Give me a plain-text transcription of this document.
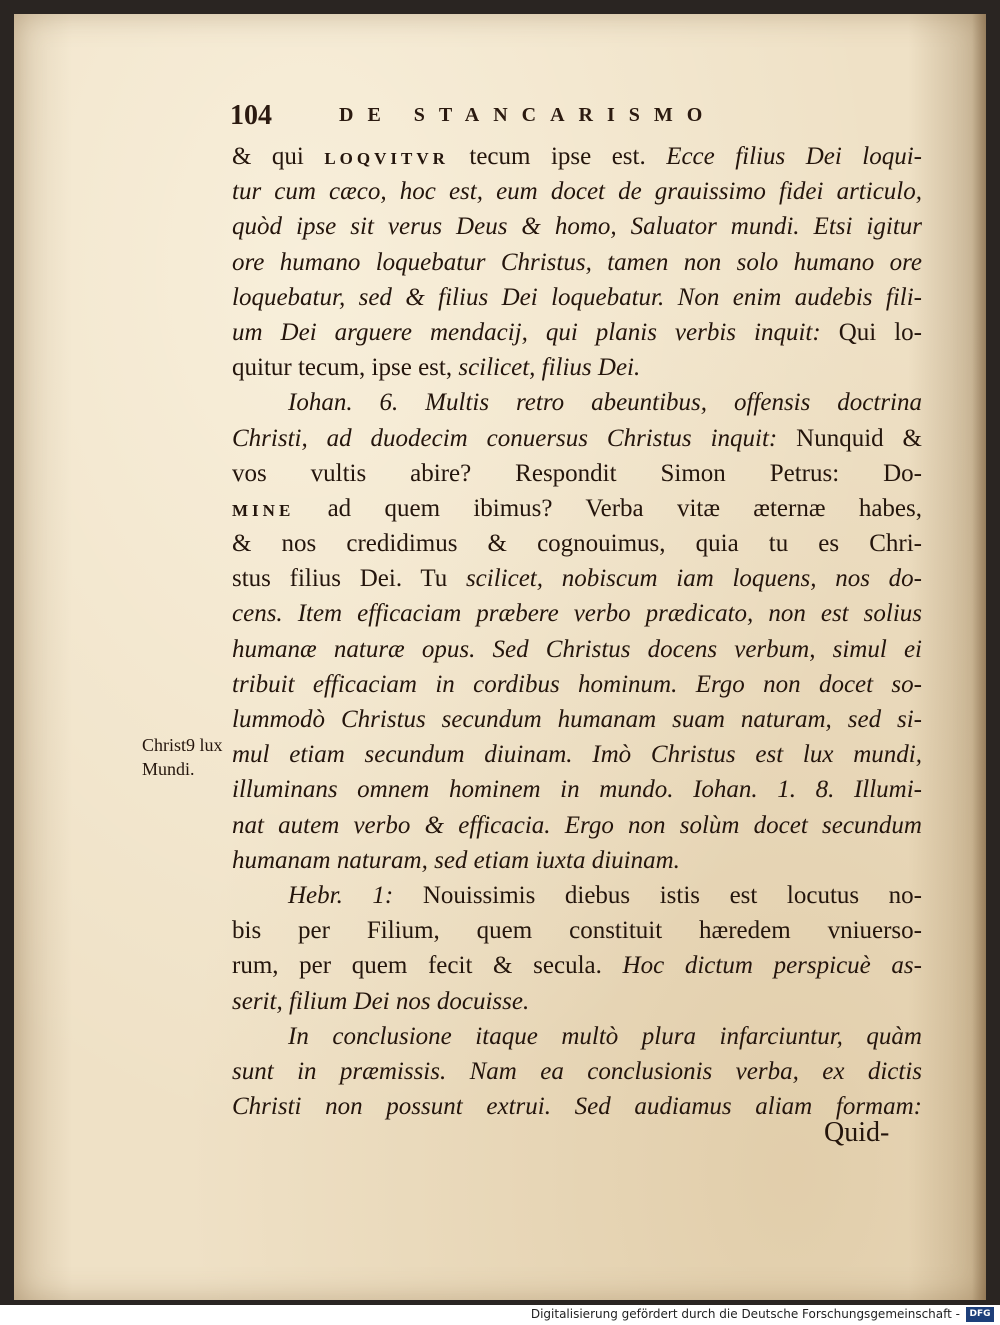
104	DE STANCARISMO
& qui LOQVITVR tecum ipse est. Ecce filius Dei loqui-
tur cum cæco, hoc est, eum docet de grauissimo fidei articulo,
quòd ipse sit verus Deus & homo, Saluator mundi. Etsi igitur
ore humano loquebatur Christus, tamen non solo humano ore
loquebatur, sed & filius Dei loquebatur. Non enim audebis fili-
um Dei arguere mendacij, qui planis verbis inquit: Qui lo-
quitur tecum, ipse est, scilicet, filius Dei.
Iohan. 6. Multis retro abeuntibus, offensis doctrina
Christi, ad duodecim conuersus Christus inquit: Nunquid &
vos vultis abire? Respondit Simon Petrus: Do-
MINE ad quem ibimus? Verba vitæ æternæ habes,
& nos credidimus & cognouimus, quia tu es Chri-
stus filius Dei. Tu scilicet, nobiscum iam loquens, nos do-
cens. Item efficaciam præbere verbo prædicato, non est solius
humanæ naturæ opus. Sed Christus docens verbum, simul ei
tribuit efficaciam in cordibus hominum. Ergo non docet so-
lummodò Christus secundum humanam suam naturam, sed si-
mul etiam secundum diuinam. Imò Christus est lux mundi,
illuminans omnem hominem in mundo. Iohan. 1. 8. Illumi-
nat autem verbo & efficacia. Ergo non solùm docet secundum
humanam naturam, sed etiam iuxta diuinam.
Hebr. 1: Nouissimis diebus istis est locutus no-
bis per Filium, quem constituit hæredem vniuerso-
rum, per quem fecit & secula. Hoc dictum perspicuè as-
serit, filium Dei nos docuisse.
In conclusione itaque multò plura infarciuntur, quàm
sunt in præmissis. Nam ea conclusionis verba, ex dictis
Christi non possunt extrui. Sed audiamus aliam formam:
Christ9 lux
Mundi.
Quid-
Digitalisierung gefördert durch die Deutsche Forschungsgemeinschaft -	DFG
